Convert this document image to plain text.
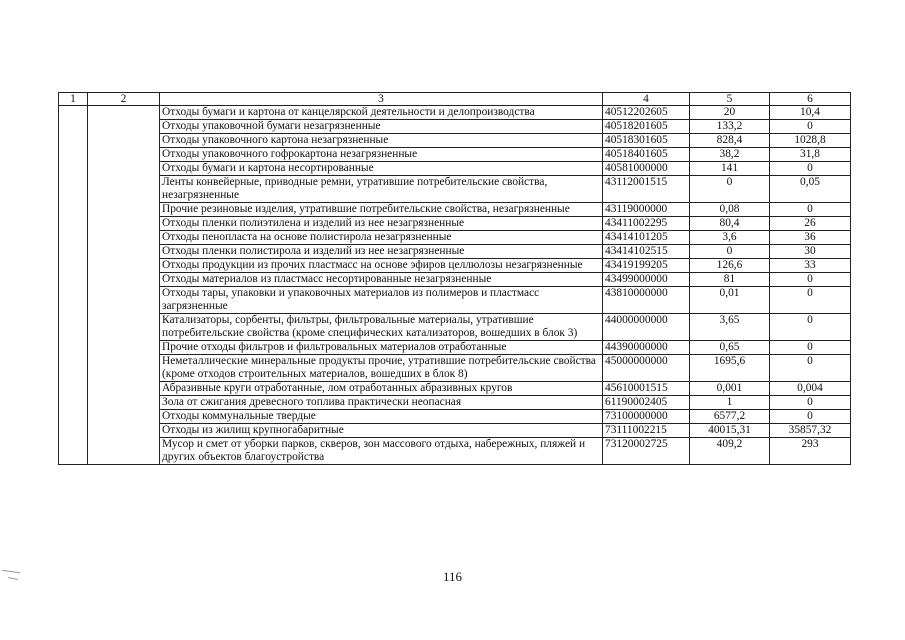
1	2	3	4	5	6
		Отходы бумаги и картона от канцелярской деятельности и делопроизводства	40512202605	20	10,4
		Отходы упаковочной бумаги незагрязненные	40518201605	133,2	0
		Отходы упаковочного картона незагрязненные	40518301605	828,4	1028,8
		Отходы упаковочного гофрокартона незагрязненные	40518401605	38,2	31,8
		Отходы бумаги и картона несортированные	40581000000	141	0
		Ленты конвейерные, приводные ремни, утратившие потребительские свойства, незагрязненные	43112001515	0	0,05
		Прочие резиновые изделия, утратившие потребительские свойства, незагрязненные	43119000000	0,08	0
		Отходы пленки полиэтилена и изделий из нее незагрязненные	43411002295	80,4	26
		Отходы пенопласта на основе полистирола незагрязненные	43414101205	3,6	36
		Отходы пленки полистирола и изделий из нее незагрязненные	43414102515	0	30
		Отходы продукции из прочих пластмасс на основе эфиров целлюлозы незагрязненные	43419199205	126,6	33
		Отходы материалов из пластмасс несортированные незагрязненные	43499000000	81	0
		Отходы тары, упаковки и упаковочных материалов из полимеров и пластмасс загрязненные	43810000000	0,01	0
		Катализаторы, сорбенты, фильтры, фильтровальные материалы, утратившие потребительские свойства (кроме специфических катализаторов, вошедших в блок 3)	44000000000	3,65	0
		Прочие отходы фильтров и фильтровальных материалов отработанные	44390000000	0,65	0
		Неметаллические минеральные продукты прочие, утратившие потребительские свойства (кроме отходов строительных материалов, вошедших в блок 8)	45000000000	1695,6	0
		Абразивные круги отработанные, лом отработанных абразивных кругов	45610001515	0,001	0,004
		Зола от сжигания древесного топлива практически неопасная	61190002405	1	0
		Отходы коммунальные твердые	73100000000	6577,2	0
		Отходы из жилищ крупногабаритные	73111002215	40015,31	35857,32
		Мусор и смет от уборки парков, скверов, зон массового отдыха, набережных, пляжей и других объектов благоустройства	73120002725	409,2	293
116
